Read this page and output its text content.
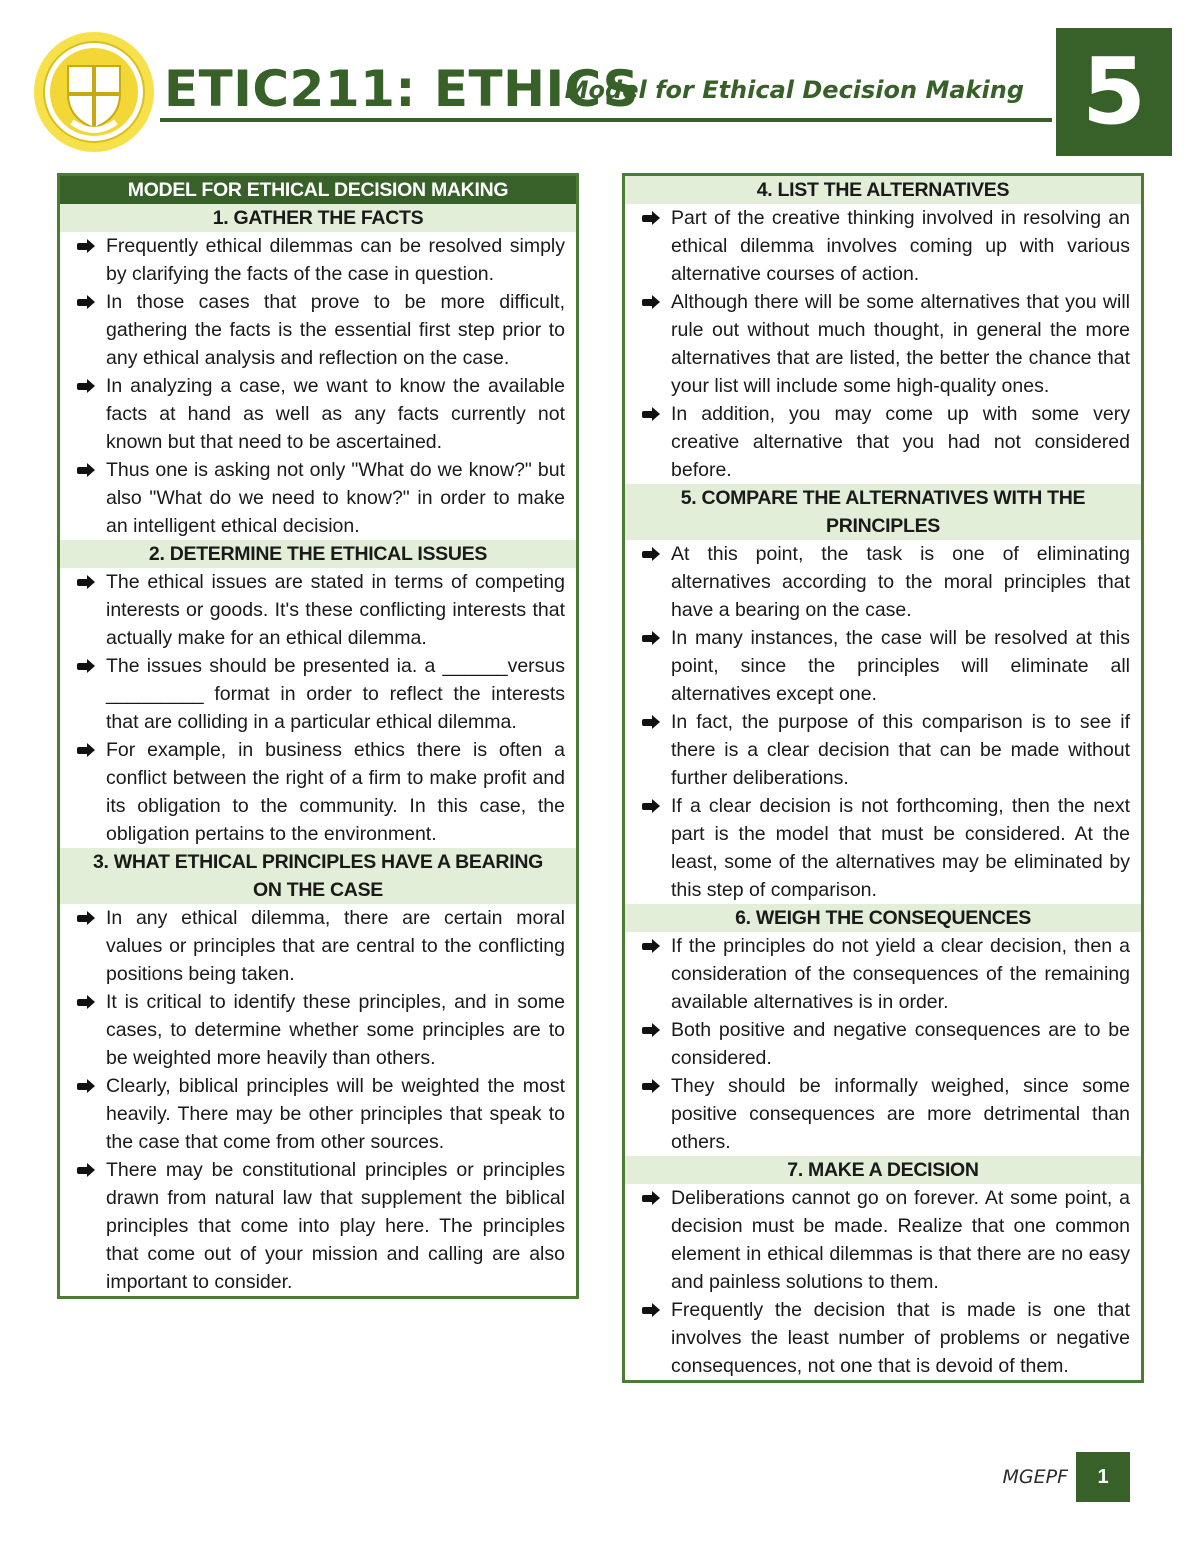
ETIC211: ETHICS
Model for Ethical Decision Making 5
MODEL FOR ETHICAL DECISION MAKING
1. GATHER THE FACTS
Frequently ethical dilemmas can be resolved simply by clarifying the facts of the case in question.
In those cases that prove to be more difficult, gathering the facts is the essential first step prior to any ethical analysis and reflection on the case.
In analyzing a case, we want to know the available facts at hand as well as any facts currently not known but that need to be ascertained.
Thus one is asking not only "What do we know?" but also "What do we need to know?" in order to make an intelligent ethical decision.
2. DETERMINE THE ETHICAL ISSUES
The ethical issues are stated in terms of competing interests or goods. It's these conflicting interests that actually make for an ethical dilemma.
The issues should be presented ia. a ______versus _________ format in order to reflect the interests that are colliding in a particular ethical dilemma.
For example, in business ethics there is often a conflict between the right of a firm to make profit and its obligation to the community. In this case, the obligation pertains to the environment.
3. WHAT ETHICAL PRINCIPLES HAVE A BEARING ON THE CASE
In any ethical dilemma, there are certain moral values or principles that are central to the conflicting positions being taken.
It is critical to identify these principles, and in some cases, to determine whether some principles are to be weighted more heavily than others.
Clearly, biblical principles will be weighted the most heavily. There may be other principles that speak to the case that come from other sources.
There may be constitutional principles or principles drawn from natural law that supplement the biblical principles that come into play here. The principles that come out of your mission and calling are also important to consider.
4. LIST THE ALTERNATIVES
Part of the creative thinking involved in resolving an ethical dilemma involves coming up with various alternative courses of action.
Although there will be some alternatives that you will rule out without much thought, in general the more alternatives that are listed, the better the chance that your list will include some high-quality ones.
In addition, you may come up with some very creative alternative that you had not considered before.
5. COMPARE THE ALTERNATIVES WITH THE PRINCIPLES
At this point, the task is one of eliminating alternatives according to the moral principles that have a bearing on the case.
In many instances, the case will be resolved at this point, since the principles will eliminate all alternatives except one.
In fact, the purpose of this comparison is to see if there is a clear decision that can be made without further deliberations.
If a clear decision is not forthcoming, then the next part is the model that must be considered. At the least, some of the alternatives may be eliminated by this step of comparison.
6. WEIGH THE CONSEQUENCES
If the principles do not yield a clear decision, then a consideration of the consequences of the remaining available alternatives is in order.
Both positive and negative consequences are to be considered.
They should be informally weighed, since some positive consequences are more detrimental than others.
7. MAKE A DECISION
Deliberations cannot go on forever. At some point, a decision must be made. Realize that one common element in ethical dilemmas is that there are no easy and painless solutions to them.
Frequently the decision that is made is one that involves the least number of problems or negative consequences, not one that is devoid of them.
MGEPF	1
